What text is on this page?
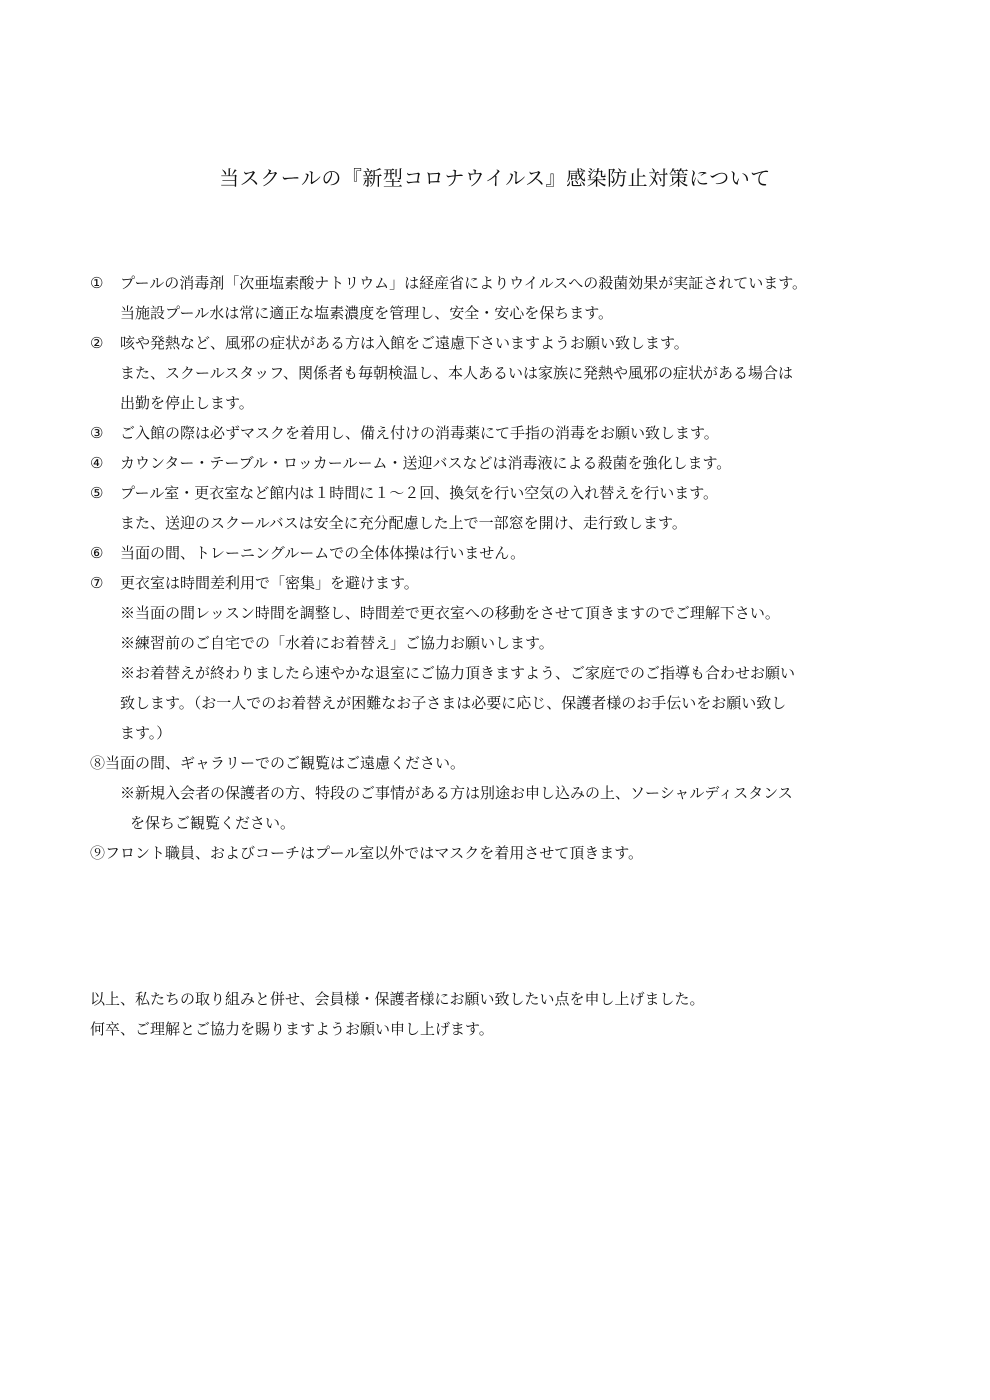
当スクールの『新型コロナウイルス』感染防止対策について
① プールの消毒剤「次亜塩素酸ナトリウム」は経産省によりウイルスへの殺菌効果が実証されています。
当施設プール水は常に適正な塩素濃度を管理し、安全・安心を保ちます。
② 咳や発熱など、風邪の症状がある方は入館をご遠慮下さいますようお願い致します。
また、スクールスタッフ、関係者も毎朝検温し、本人あるいは家族に発熱や風邪の症状がある場合は
出勤を停止します。
③ ご入館の際は必ずマスクを着用し、備え付けの消毒薬にて手指の消毒をお願い致します。
④ カウンター・テーブル・ロッカールーム・送迎バスなどは消毒液による殺菌を強化します。
⑤ プール室・更衣室など館内は１時間に１〜２回、換気を行い空気の入れ替えを行います。
また、送迎のスクールバスは安全に充分配慮した上で一部窓を開け、走行致します。
⑥ 当面の間、トレーニングルームでの全体体操は行いません。
⑦ 更衣室は時間差利用で「密集」を避けます。
※当面の間レッスン時間を調整し、時間差で更衣室への移動をさせて頂きますのでご理解下さい。
※練習前のご自宅での「水着にお着替え」ご協力お願いします。
※お着替えが終わりましたら速やかな退室にご協力頂きますよう、ご家庭でのご指導も合わせお願い
致します。（お一人でのお着替えが困難なお子さまは必要に応じ、保護者様のお手伝いをお願い致し
ます。）
⑧当面の間、ギャラリーでのご観覧はご遠慮ください。
※新規入会者の保護者の方、特段のご事情がある方は別途お申し込みの上、ソーシャルディスタンス
を保ちご観覧ください。
⑨フロント職員、およびコーチはプール室以外ではマスクを着用させて頂きます。
以上、私たちの取り組みと併せ、会員様・保護者様にお願い致したい点を申し上げました。
何卒、ご理解とご協力を賜りますようお願い申し上げます。
